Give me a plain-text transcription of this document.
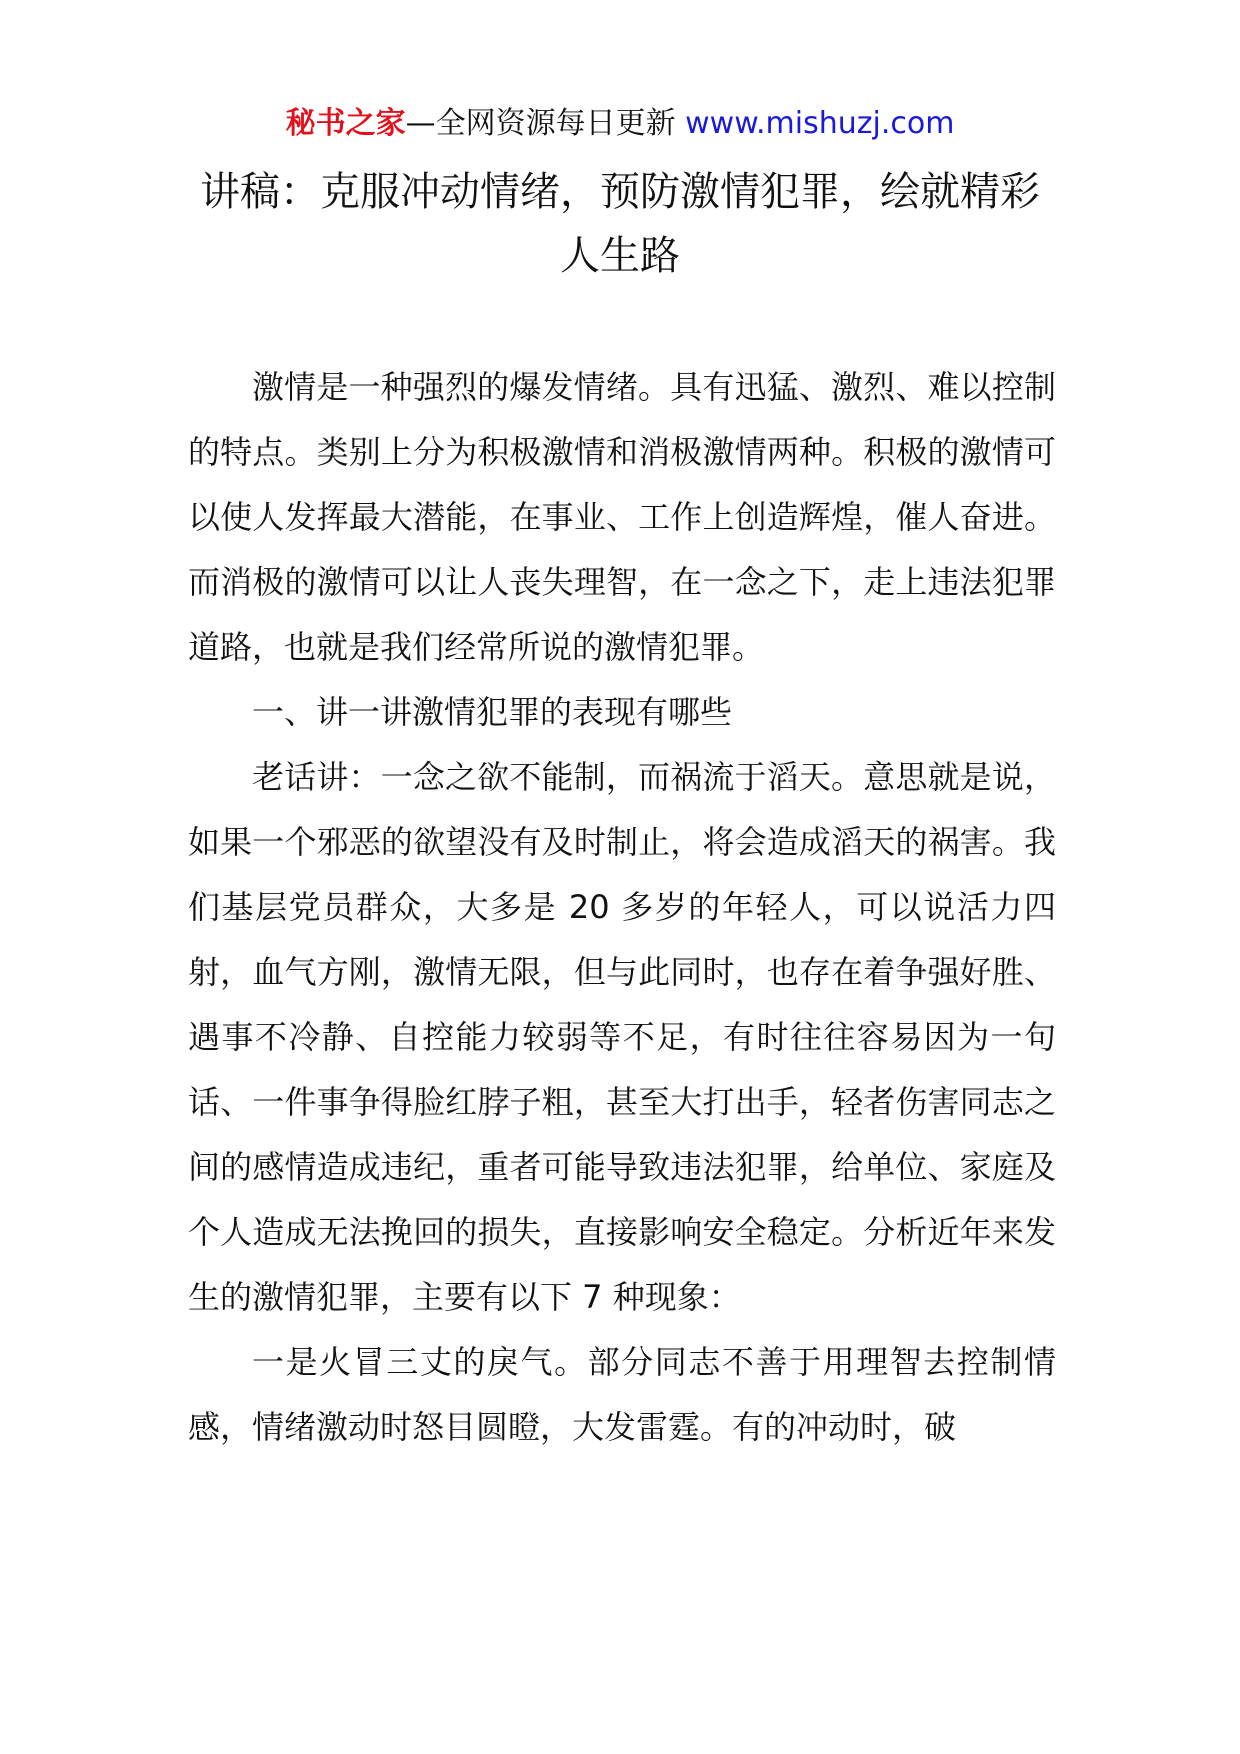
秘书之家—全网资源每日更新 www.mishuzj.com
讲稿：克服冲动情绪，预防激情犯罪，绘就精彩人生路

激情是一种强烈的爆发情绪。具有迅猛、激烈、难以控制的特点。类别上分为积极激情和消极激情两种。积极的激情可以使人发挥最大潜能，在事业、工作上创造辉煌，催人奋进。而消极的激情可以让人丧失理智，在一念之下，走上违法犯罪道路，也就是我们经常所说的激情犯罪。

一、讲一讲激情犯罪的表现有哪些

老话讲：一念之欲不能制，而祸流于滔天。意思就是说，如果一个邪恶的欲望没有及时制止，将会造成滔天的祸害。我们基层党员群众，大多是 20 多岁的年轻人，可以说活力四射，血气方刚，激情无限，但与此同时，也存在着争强好胜、遇事不冷静、自控能力较弱等不足，有时往往容易因为一句话、一件事争得脸红脖子粗，甚至大打出手，轻者伤害同志之间的感情造成违纪，重者可能导致违法犯罪，给单位、家庭及个人造成无法挽回的损失，直接影响安全稳定。分析近年来发生的激情犯罪，主要有以下 7 种现象：

一是火冒三丈的戾气。部分同志不善于用理智去控制情感，情绪激动时怒目圆瞪，大发雷霆。有的冲动时，破
